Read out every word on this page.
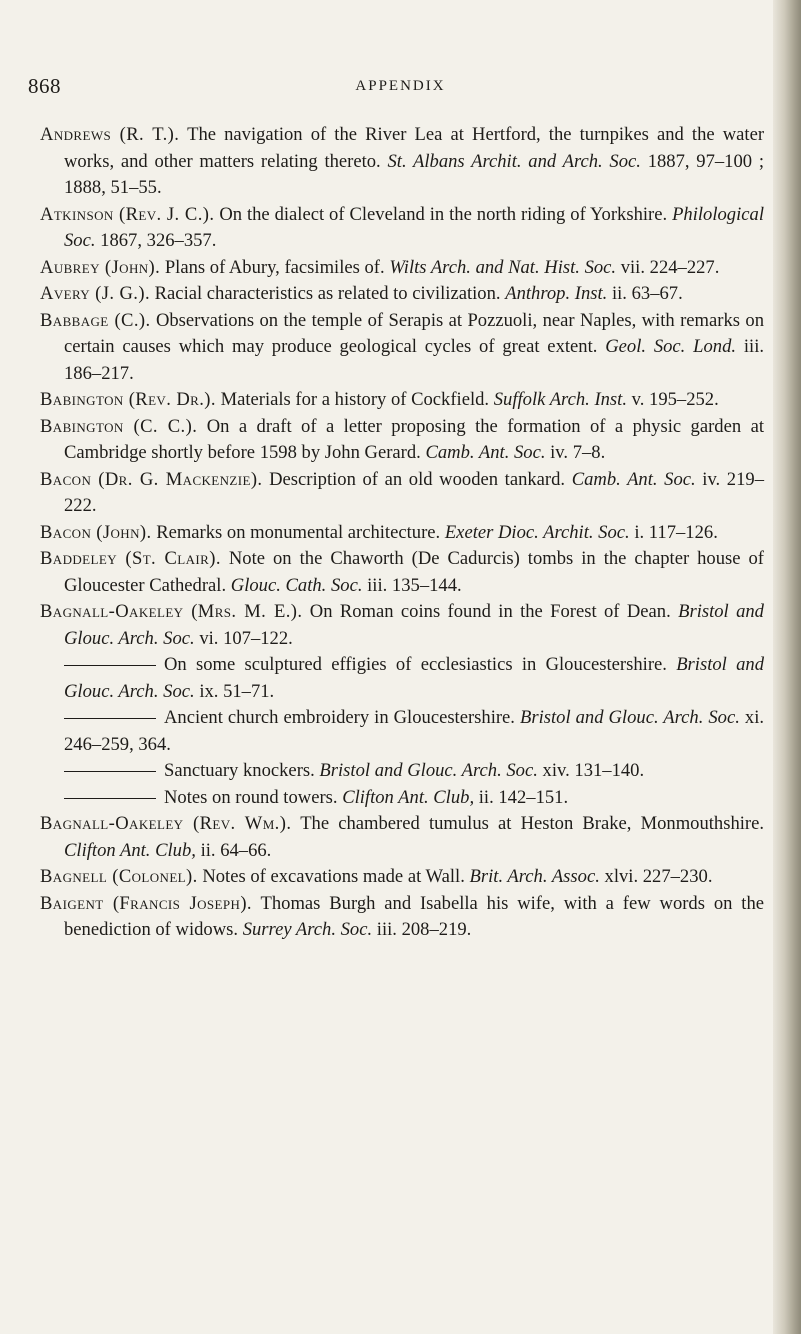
868	APPENDIX

Andrews (R. T.). The navigation of the River Lea at Hertford, the turnpikes and the water works, and other matters relating thereto. St. Albans Archit. and Arch. Soc. 1887, 97–100 ; 1888, 51–55.

Atkinson (Rev. J. C.). On the dialect of Cleveland in the north riding of Yorkshire. Philological Soc. 1867, 326–357.

Aubrey (John). Plans of Abury, facsimiles of. Wilts Arch. and Nat. Hist. Soc. vii. 224–227.

Avery (J. G.). Racial characteristics as related to civilization. Anthrop. Inst. ii. 63–67.

Babbage (C.). Observations on the temple of Serapis at Pozzuoli, near Naples, with remarks on certain causes which may produce geological cycles of great extent. Geol. Soc. Lond. iii. 186–217.

Babington (Rev. Dr.). Materials for a history of Cockfield. Suffolk Arch. Inst. v. 195–252.

Babington (C. C.). On a draft of a letter proposing the formation of a physic garden at Cambridge shortly before 1598 by John Gerard. Camb. Ant. Soc. iv. 7–8.

Bacon (Dr. G. Mackenzie). Description of an old wooden tankard. Camb. Ant. Soc. iv. 219–222.

Bacon (John). Remarks on monumental architecture. Exeter Dioc. Archit. Soc. i. 117–126.

Baddeley (St. Clair). Note on the Chaworth (De Cadurcis) tombs in the chapter house of Gloucester Cathedral. Glouc. Cath. Soc. iii. 135–144.

Bagnall-Oakeley (Mrs. M. E.). On Roman coins found in the Forest of Dean. Bristol and Glouc. Arch. Soc. vi. 107–122.

On some sculptured effigies of ecclesiastics in Gloucestershire. Bristol and Glouc. Arch. Soc. ix. 51–71.

Ancient church embroidery in Gloucestershire. Bristol and Glouc. Arch. Soc. xi. 246–259, 364.

Sanctuary knockers. Bristol and Glouc. Arch. Soc. xiv. 131–140.

Notes on round towers. Clifton Ant. Club, ii. 142–151.

Bagnall-Oakeley (Rev. Wm.). The chambered tumulus at Heston Brake, Monmouthshire. Clifton Ant. Club, ii. 64–66.

Bagnell (Colonel). Notes of excavations made at Wall. Brit. Arch. Assoc. xlvi. 227–230.

Baigent (Francis Joseph). Thomas Burgh and Isabella his wife, with a few words on the benediction of widows. Surrey Arch. Soc. iii. 208–219.
